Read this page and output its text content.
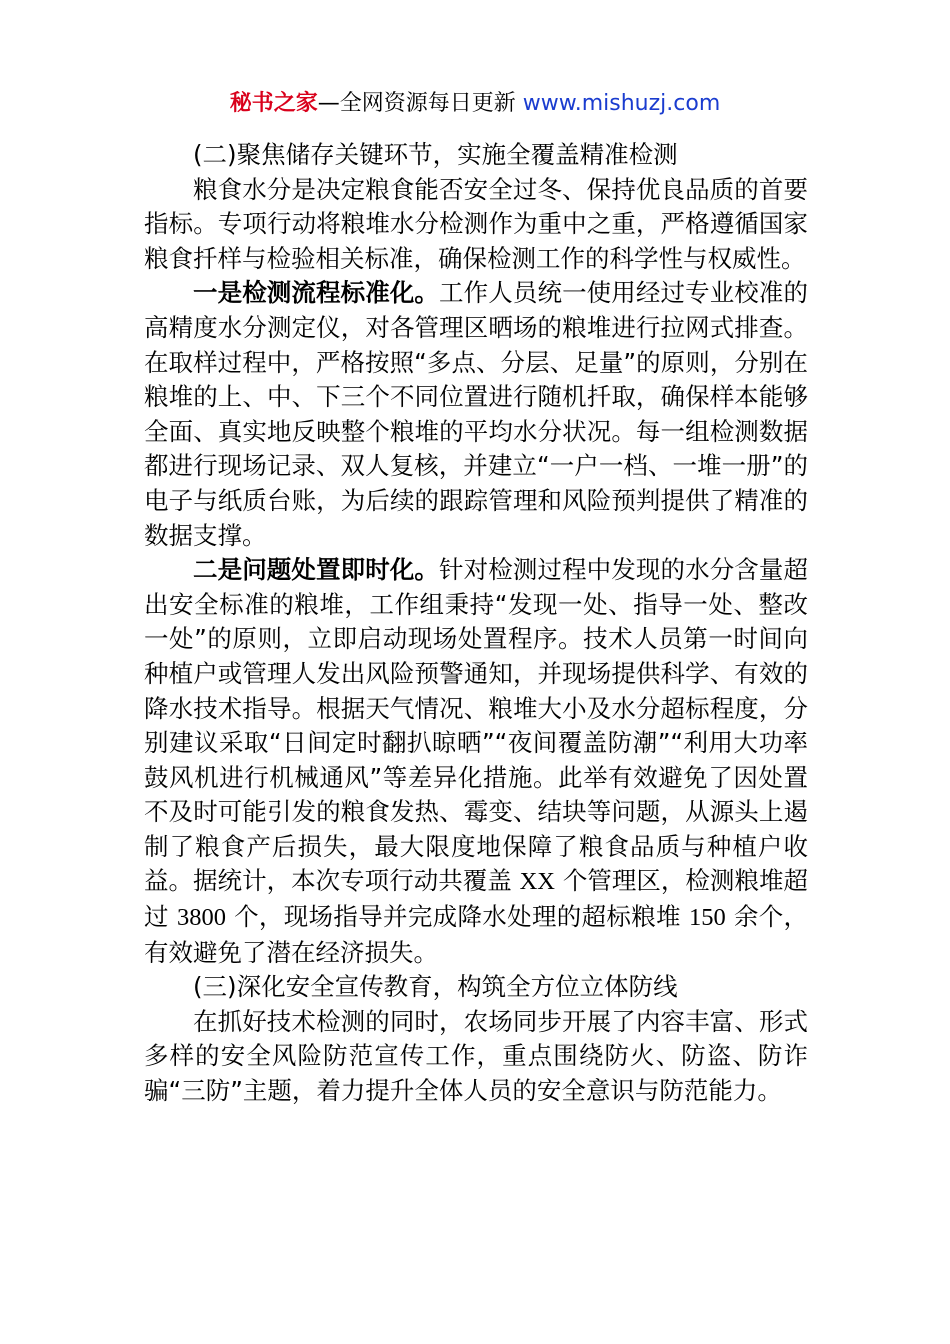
秘书之家—全网资源每日更新 www.mishuzj.com

(二)聚焦储存关键环节，实施全覆盖精准检测

粮食水分是决定粮食能否安全过冬、保持优良品质的首要指标。专项行动将粮堆水分检测作为重中之重，严格遵循国家粮食扦样与检验相关标准，确保检测工作的科学性与权威性。

一是检测流程标准化。工作人员统一使用经过专业校准的高精度水分测定仪，对各管理区晒场的粮堆进行拉网式排查。在取样过程中，严格按照“多点、分层、足量”的原则，分别在粮堆的上、中、下三个不同位置进行随机扦取，确保样本能够全面、真实地反映整个粮堆的平均水分状况。每一组检测数据都进行现场记录、双人复核，并建立“一户一档、一堆一册”的电子与纸质台账，为后续的跟踪管理和风险预判提供了精准的数据支撑。

二是问题处置即时化。针对检测过程中发现的水分含量超出安全标准的粮堆，工作组秉持“发现一处、指导一处、整改一处”的原则，立即启动现场处置程序。技术人员第一时间向种植户或管理人发出风险预警通知，并现场提供科学、有效的降水技术指导。根据天气情况、粮堆大小及水分超标程度，分别建议采取“日间定时翻扒晾晒”“夜间覆盖防潮”“利用大功率鼓风机进行机械通风”等差异化措施。此举有效避免了因处置不及时可能引发的粮食发热、霉变、结块等问题，从源头上遏制了粮食产后损失，最大限度地保障了粮食品质与种植户收益。据统计，本次专项行动共覆盖 XX 个管理区，检测粮堆超过 3800 个，现场指导并完成降水处理的超标粮堆 150 余个，有效避免了潜在经济损失。

(三)深化安全宣传教育，构筑全方位立体防线

在抓好技术检测的同时，农场同步开展了内容丰富、形式多样的安全风险防范宣传工作，重点围绕防火、防盗、防诈骗“三防”主题，着力提升全体人员的安全意识与防范能力。
